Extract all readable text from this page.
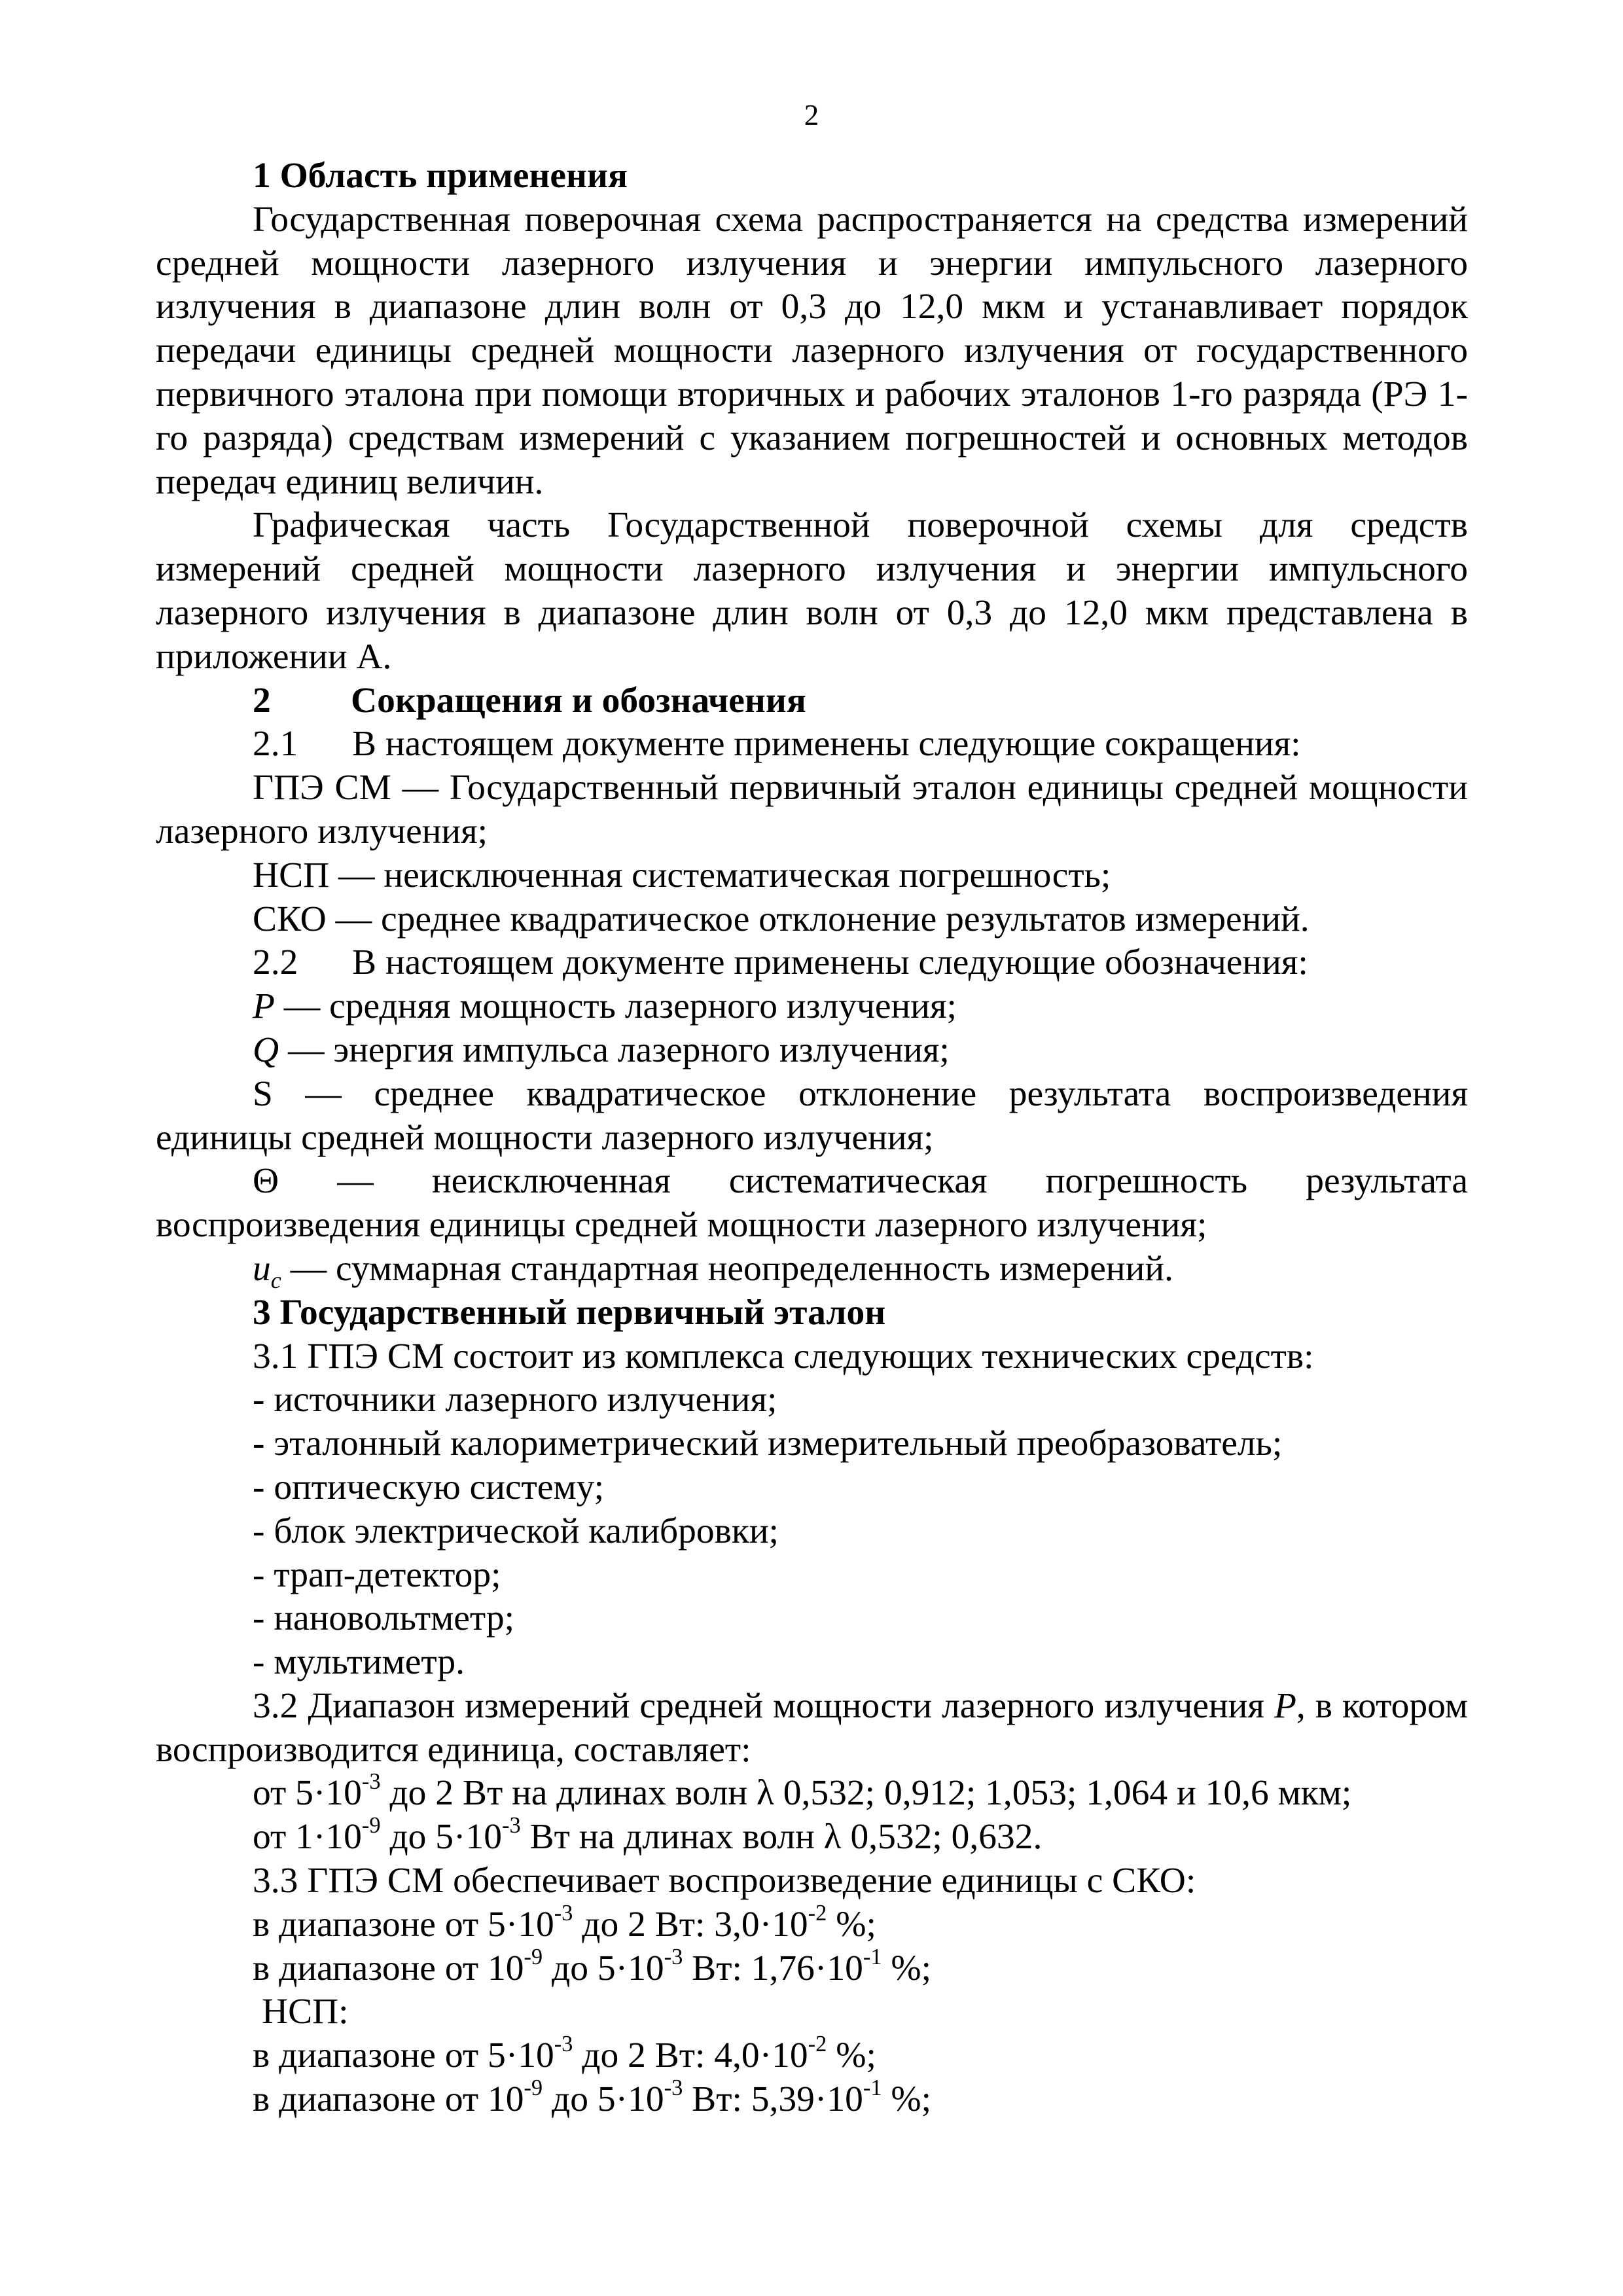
2

1 Область применения

Государственная поверочная схема распространяется на средства измерений средней мощности лазерного излучения и энергии импульсного лазерного излучения в диапазоне длин волн от 0,3 до 12,0 мкм и устанавливает порядок передачи единицы средней мощности лазерного излучения от государственного первичного эталона при помощи вторичных и рабочих эталонов 1-го разряда (РЭ 1-го разряда) средствам измерений с указанием погрешностей и основных методов передач единиц величин.

Графическая часть Государственной поверочной схемы для средств измерений средней мощности лазерного излучения и энергии импульсного лазерного излучения в диапазоне длин волн от 0,3 до 12,0 мкм представлена в приложении А.

2 Сокращения и обозначения

2.1 В настоящем документе применены следующие сокращения:

ГПЭ СМ — Государственный первичный эталон единицы средней мощности лазерного излучения;

НСП — неисключенная систематическая погрешность;

СКО — среднее квадратическое отклонение результатов измерений.

2.2 В настоящем документе применены следующие обозначения:

P — средняя мощность лазерного излучения;

Q — энергия импульса лазерного излучения;

S — среднее квадратическое отклонение результата воспроизведения единицы средней мощности лазерного излучения;

Θ — неисключенная систематическая погрешность результата воспроизведения единицы средней мощности лазерного излучения;

$u_c$ — суммарная стандартная неопределенность измерений.

3 Государственный первичный эталон

3.1 ГПЭ СМ состоит из комплекса следующих технических средств:

- источники лазерного излучения;

- эталонный калориметрический измерительный преобразователь;

- оптическую систему;

- блок электрической калибровки;

- трап-детектор;

- нановольтметр;

- мультиметр.

3.2 Диапазон измерений средней мощности лазерного излучения P, в котором воспроизводится единица, составляет:

от $5\cdot 10^{-3}$ до 2 Вт на длинах волн λ 0,532; 0,912; 1,053; 1,064 и 10,6 мкм;

от $1\cdot 10^{-9}$ до $5\cdot 10^{-3}$ Вт на длинах волн λ 0,532; 0,632.

3.3 ГПЭ СМ обеспечивает воспроизведение единицы с СКО:

в диапазоне от $5\cdot 10^{-3}$ до 2 Вт: $3,0\cdot 10^{-2}$ %;

в диапазоне от $10^{-9}$ до $5\cdot 10^{-3}$ Вт: $1,76\cdot 10^{-1}$ %;

НСП:

в диапазоне от $5\cdot 10^{-3}$ до 2 Вт: $4,0\cdot 10^{-2}$ %;

в диапазоне от $10^{-9}$ до $5\cdot 10^{-3}$ Вт: $5,39\cdot 10^{-1}$ %;
